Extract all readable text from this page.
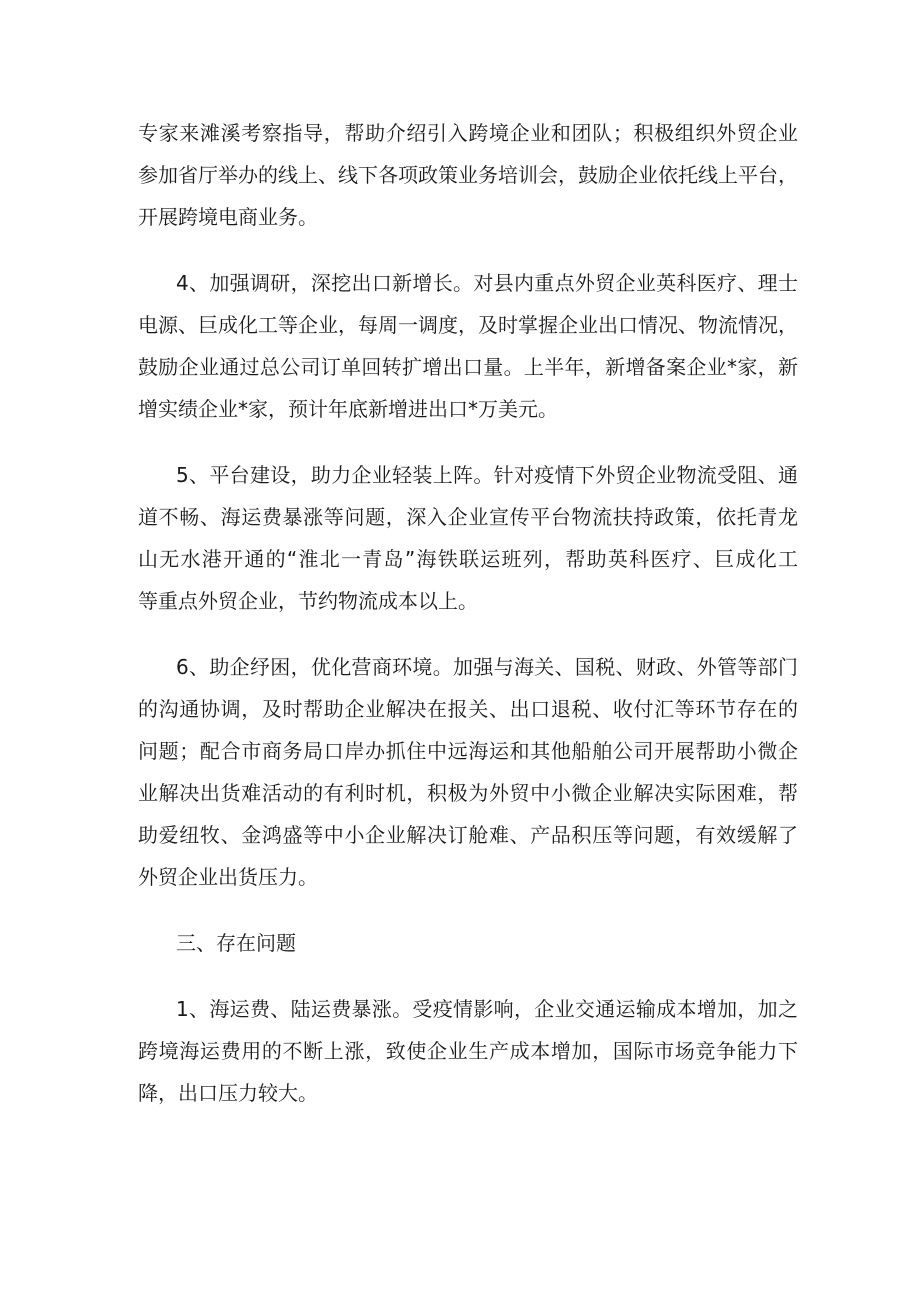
专家来滩溪考察指导，帮助介绍引入跨境企业和团队；积极组织外贸企业
参加省厅举办的线上、线下各项政策业务培训会，鼓励企业依托线上平台，
开展跨境电商业务。

4、加强调研，深挖出口新增长。对县内重点外贸企业英科医疗、理士
电源、巨成化工等企业，每周一调度，及时掌握企业出口情况、物流情况，
鼓励企业通过总公司订单回转扩增出口量。上半年，新增备案企业*家，新
增实绩企业*家，预计年底新增进出口*万美元。

5、平台建设，助力企业轻装上阵。针对疫情下外贸企业物流受阻、通
道不畅、海运费暴涨等问题，深入企业宣传平台物流扶持政策，依托青龙
山无水港开通的“淮北一青岛”海铁联运班列，帮助英科医疗、巨成化工
等重点外贸企业，节约物流成本以上。

6、助企纾困，优化营商环境。加强与海关、国税、财政、外管等部门
的沟通协调，及时帮助企业解决在报关、出口退税、收付汇等环节存在的
问题；配合市商务局口岸办抓住中远海运和其他船舶公司开展帮助小微企
业解决出货难活动的有利时机，积极为外贸中小微企业解决实际困难，帮
助爱纽牧、金鸿盛等中小企业解决订舱难、产品积压等问题，有效缓解了
外贸企业出货压力。

三、存在问题

1、海运费、陆运费暴涨。受疫情影响，企业交通运输成本增加，加之
跨境海运费用的不断上涨，致使企业生产成本增加，国际市场竞争能力下
降，出口压力较大。
